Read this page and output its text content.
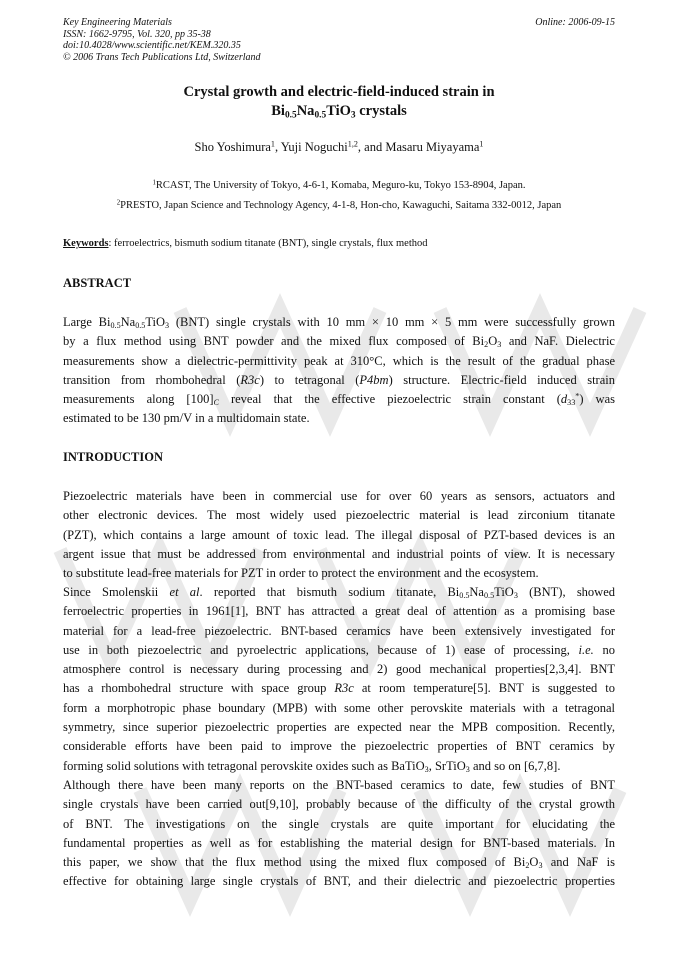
Key Engineering Materials
ISSN: 1662-9795, Vol. 320, pp 35-38
doi:10.4028/www.scientific.net/KEM.320.35
© 2006 Trans Tech Publications Ltd, Switzerland
Online: 2006-09-15
Crystal growth and electric-field-induced strain in
$Bi_{0.5}Na_{0.5}TiO_3$ crystals
Sho Yoshimura$^1$, Yuji Noguchi$^{1,2}$, and Masaru Miyayama$^1$
$^1$RCAST, The University of Tokyo, 4-6-1, Komaba, Meguro-ku, Tokyo 153-8904, Japan.
$^2$PRESTO, Japan Science and Technology Agency, 4-1-8, Hon-cho, Kawaguchi, Saitama 332-0012, Japan
Keywords: ferroelectrics, bismuth sodium titanate (BNT), single crystals, flux method
ABSTRACT
Large $Bi_{0.5}Na_{0.5}TiO_3$ (BNT) single crystals with 10 mm × 10 mm × 5 mm were successfully grown
by a flux method using BNT powder and the mixed flux composed of $Bi_2O_3$ and NaF. Dielectric
measurements show a dielectric-permittivity peak at 310°C, which is the result of the gradual phase
transition from rhombohedral (R3c) to tetragonal (P4bm) structure. Electric-field induced strain
measurements along $[100]_C$ reveal that the effective piezoelectric strain constant $(d_{33}^*)$ was
estimated to be 130 pm/V in a multidomain state.
INTRODUCTION
Piezoelectric materials have been in commercial use for over 60 years as sensors, actuators and
other electronic devices. The most widely used piezoelectric material is lead zirconium titanate
(PZT), which contains a large amount of toxic lead. The illegal disposal of PZT-based devices is an
argent issue that must be addressed from environmental and industrial points of view. It is necessary
to substitute lead-free materials for PZT in order to protect the environment and the ecosystem.
Since Smolenskii et al. reported that bismuth sodium titanate, $Bi_{0.5}Na_{0.5}TiO_3$ (BNT), showed
ferroelectric properties in 1961[1], BNT has attracted a great deal of attention as a promising base
material for a lead-free piezoelectric. BNT-based ceramics have been extensively investigated for
use in both piezoelectric and pyroelectric applications, because of 1) ease of processing, i.e. no
atmosphere control is necessary during processing and 2) good mechanical properties[2,3,4]. BNT
has a rhombohedral structure with space group R3c at room temperature[5]. BNT is suggested to
form a morphotropic phase boundary (MPB) with some other perovskite materials with a tetragonal
symmetry, since superior piezoelectric properties are expected near the MPB composition. Recently,
considerable efforts have been paid to improve the piezoelectric properties of BNT ceramics by
forming solid solutions with tetragonal perovskite oxides such as BaTiO$_3$, SrTiO$_3$ and so on [6,7,8].
Although there have been many reports on the BNT-based ceramics to date, few studies of BNT
single crystals have been carried out[9,10], probably because of the difficulty of the crystal growth
of BNT. The investigations on the single crystals are quite important for elucidating the
fundamental properties as well as for establishing the material design for BNT-based materials. In
this paper, we show that the flux method using the mixed flux composed of $Bi_2O_3$ and NaF is
effective for obtaining large single crystals of BNT, and their dielectric and piezoelectric properties
